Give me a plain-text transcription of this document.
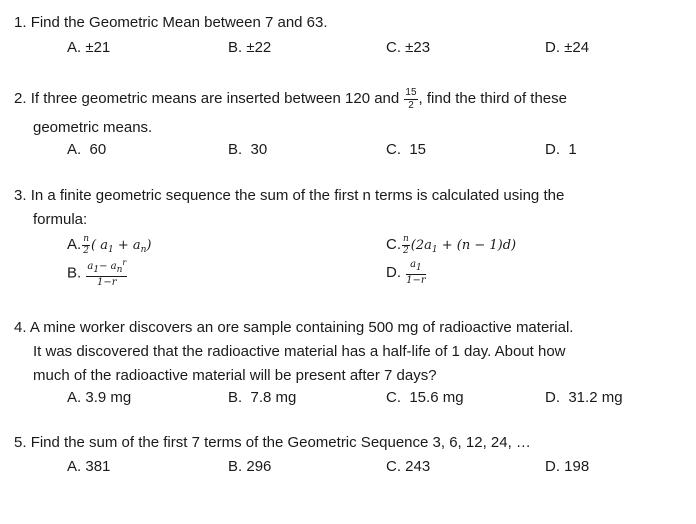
1. Find the Geometric Mean between 7 and 63.
A. ±21	B. ±22	C. ±23	D. ±24
2. If three geometric means are inserted between 120 and $\frac{15}{2}$ , find the third of these
geometric means.
A. 60	B. 30	C. 15	D. 1
3. In a finite geometric sequence the sum of the first n terms is calculated using the
formula:
A. $\frac{n}{2}$ ( $a_1 + a_n$)
B. $\frac{a1- an^r}{1-r}$
C. $\frac{n}{2} (2a_1 + (n - 1)d)$
D. $\frac{a1}{1-r}$
4. A mine worker discovers an ore sample containing 500 mg of radioactive material.
It was discovered that the radioactive material has a half-life of 1 day. About how
much of the radioactive material will be present after 7 days?
A. 3.9 mg	B. 7.8 mg	C. 15.6 mg	D. 31.2 mg
5. Find the sum of the first 7 terms of the Geometric Sequence 3, 6, 12, 24, …
A. 381	B. 296	C. 243	D. 198
